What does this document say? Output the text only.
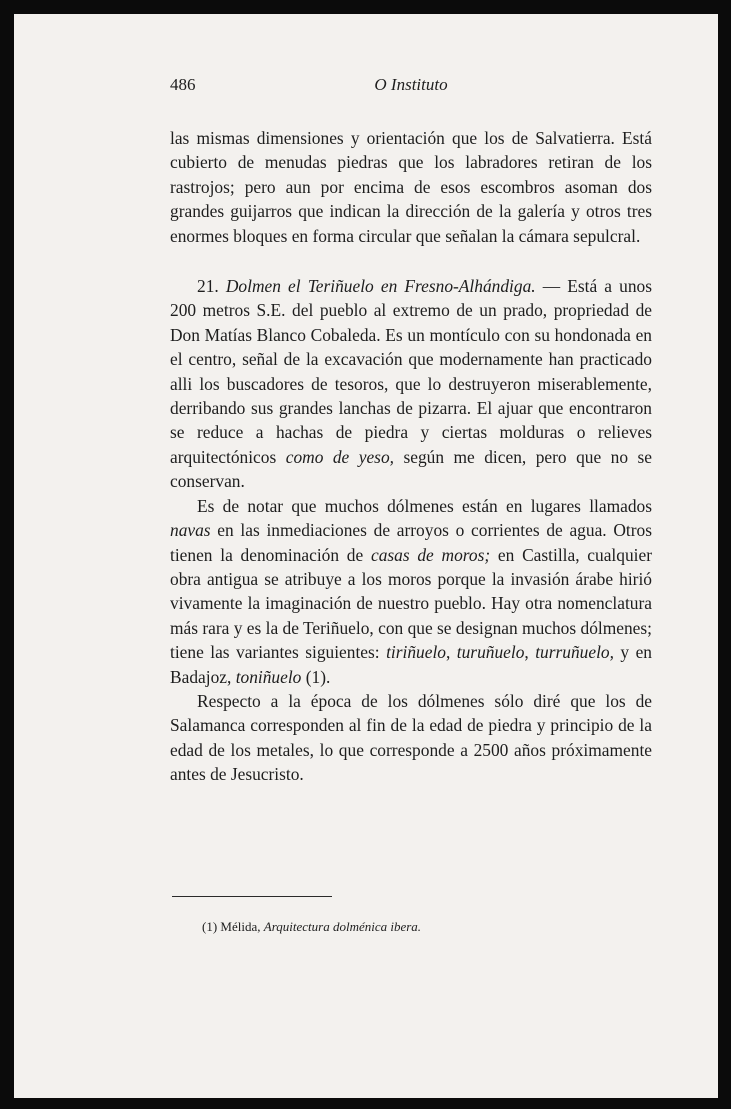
486	O Instituto

las mismas dimensiones y orientación que los de Salvatierra. Está cubierto de menudas piedras que los labradores retiran de los rastrojos; pero aun por encima de esos escombros asoman dos grandes guijarros que indican la dirección de la galería y otros tres enormes bloques en forma circular que señalan la cámara sepulcral.

21. Dolmen el Teriñuelo en Fresno-Alhándiga. — Está a unos 200 metros S.E. del pueblo al extremo de un prado, propriedad de Don Matías Blanco Cobaleda. Es un montículo con su hondonada en el centro, señal de la excavación que modernamente han practicado alli los buscadores de tesoros, que lo destruyeron miserablemente, derribando sus grandes lanchas de pizarra. El ajuar que encontraron se reduce a hachas de piedra y ciertas molduras o relieves arquitectónicos como de yeso, según me dicen, pero que no se conservan.

Es de notar que muchos dólmenes están en lugares llamados navas en las inmediaciones de arroyos o corrientes de agua. Otros tienen la denominación de casas de moros; en Castilla, cualquier obra antigua se atribuye a los moros porque la invasión árabe hirió vivamente la imaginación de nuestro pueblo. Hay otra nomenclatura más rara y es la de Teriñuelo, con que se designan muchos dólmenes; tiene las variantes siguientes: tiriñuelo, turuñuelo, turruñuelo, y en Badajoz, toniñuelo (1).

Respecto a la época de los dólmenes sólo diré que los de Salamanca corresponden al fin de la edad de piedra y principio de la edad de los metales, lo que corresponde a 2500 años próximamente antes de Jesucristo.

(1) Mélida, Arquitectura dolménica ibera.
